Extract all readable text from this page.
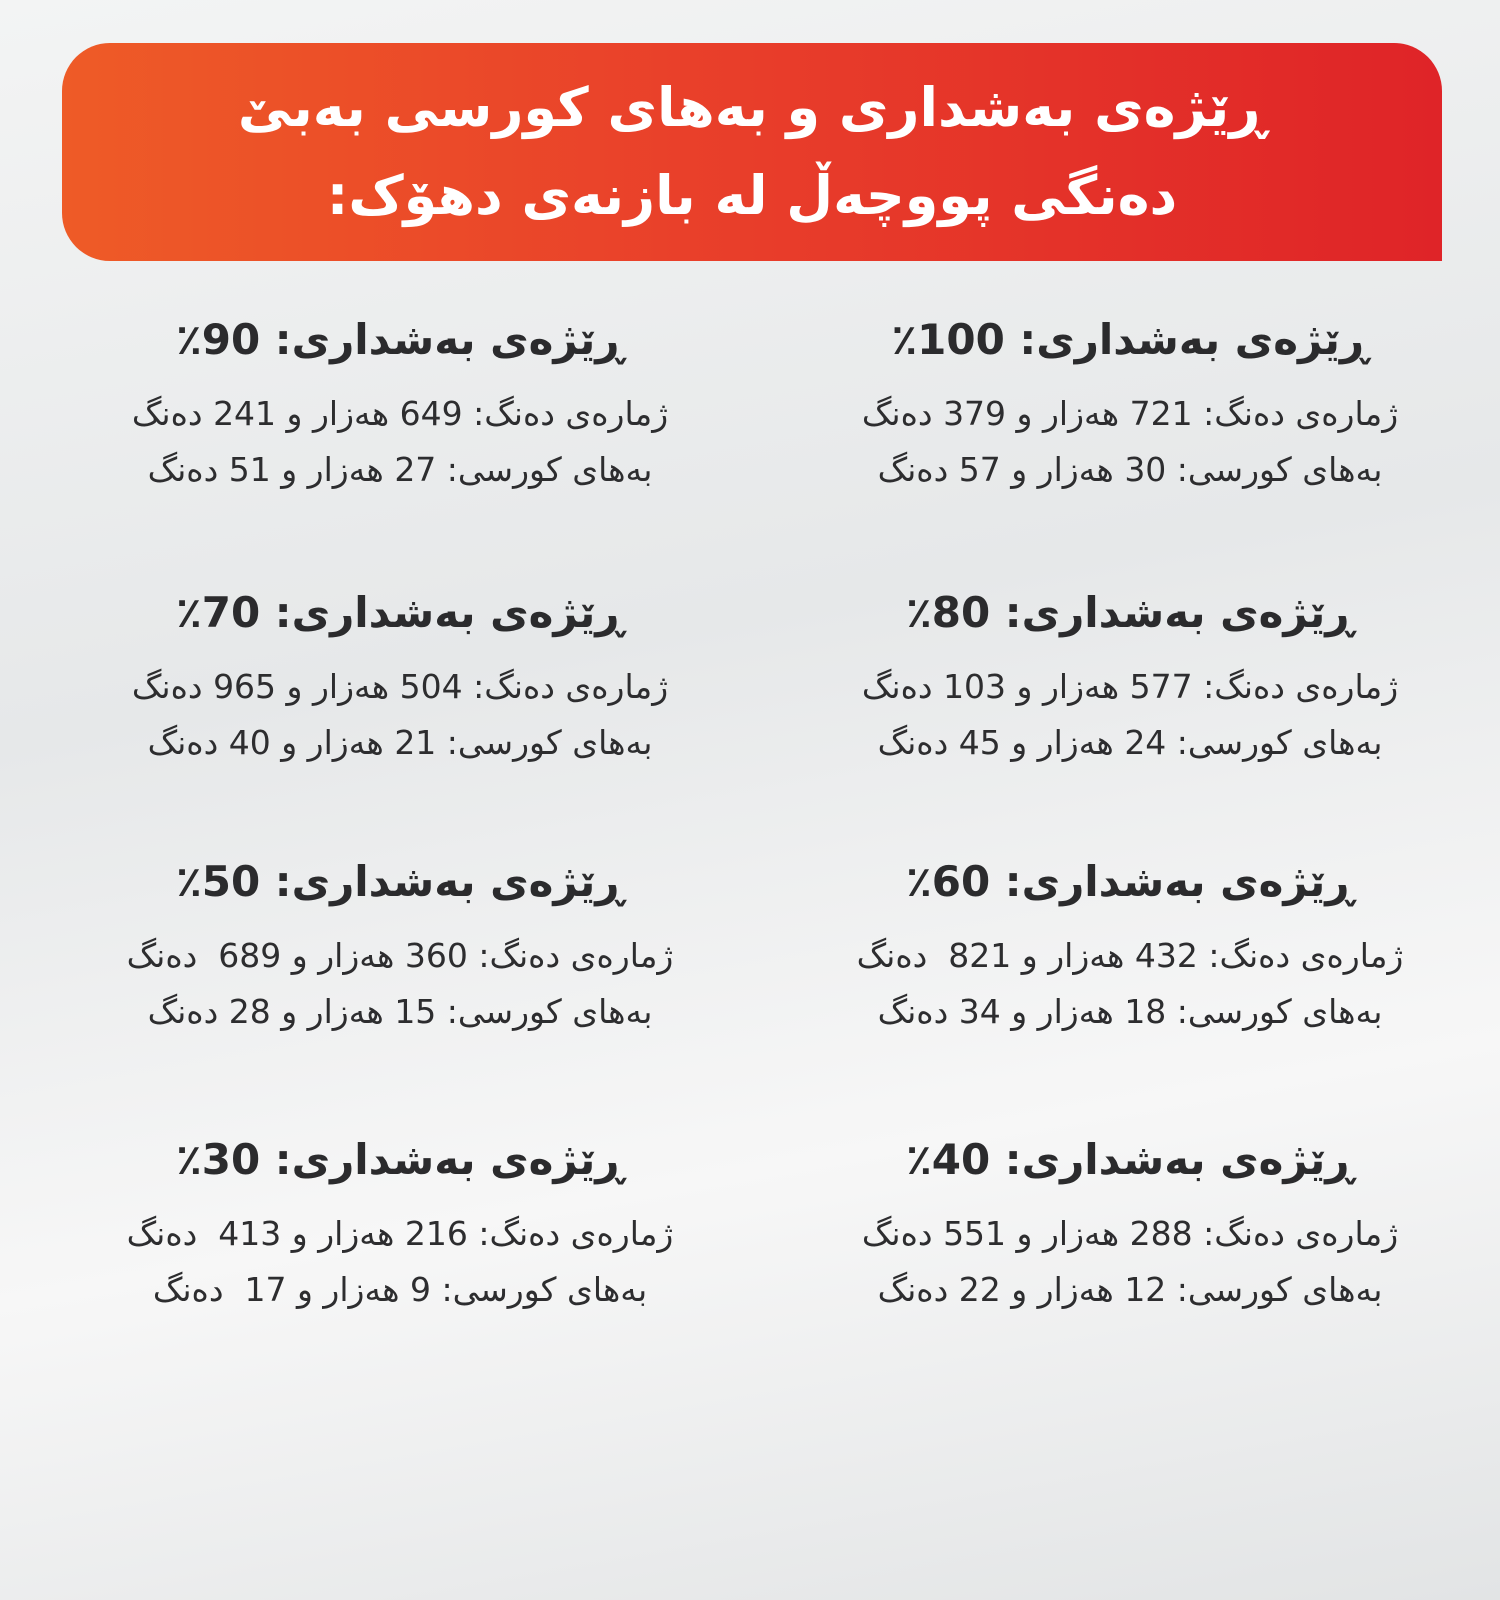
ڕێژەی بەشداری و بەهای کورسی بەبێ
دەنگی پووچەڵ لە بازنەی دهۆک:

ڕێژەی بەشداری: 100٪

ژمارەی دەنگ: 721 هەزار و 379 دەنگ

بەهای کورسی: 30 هەزار و 57 دەنگ

ڕێژەی بەشداری: 90٪

ژمارەی دەنگ: 649 هەزار و 241 دەنگ

بەهای کورسی: 27 هەزار و 51 دەنگ

ڕێژەی بەشداری: 80٪

ژمارەی دەنگ: 577 هەزار و 103 دەنگ

بەهای کورسی: 24 هەزار و 45 دەنگ

ڕێژەی بەشداری: 70٪

ژمارەی دەنگ: 504 هەزار و 965 دەنگ

بەهای کورسی: 21 هەزار و 40 دەنگ

ڕێژەی بەشداری: 60٪

ژمارەی دەنگ: 432 هەزار و 821  دەنگ

بەهای کورسی: 18 هەزار و 34 دەنگ

ڕێژەی بەشداری: 50٪

ژمارەی دەنگ: 360 هەزار و 689  دەنگ

بەهای کورسی: 15 هەزار و 28 دەنگ

ڕێژەی بەشداری: 40٪

ژمارەی دەنگ: 288 هەزار و 551 دەنگ

بەهای کورسی: 12 هەزار و 22 دەنگ

ڕێژەی بەشداری: 30٪

ژمارەی دەنگ: 216 هەزار و 413  دەنگ

بەهای کورسی: 9 هەزار و 17  دەنگ
